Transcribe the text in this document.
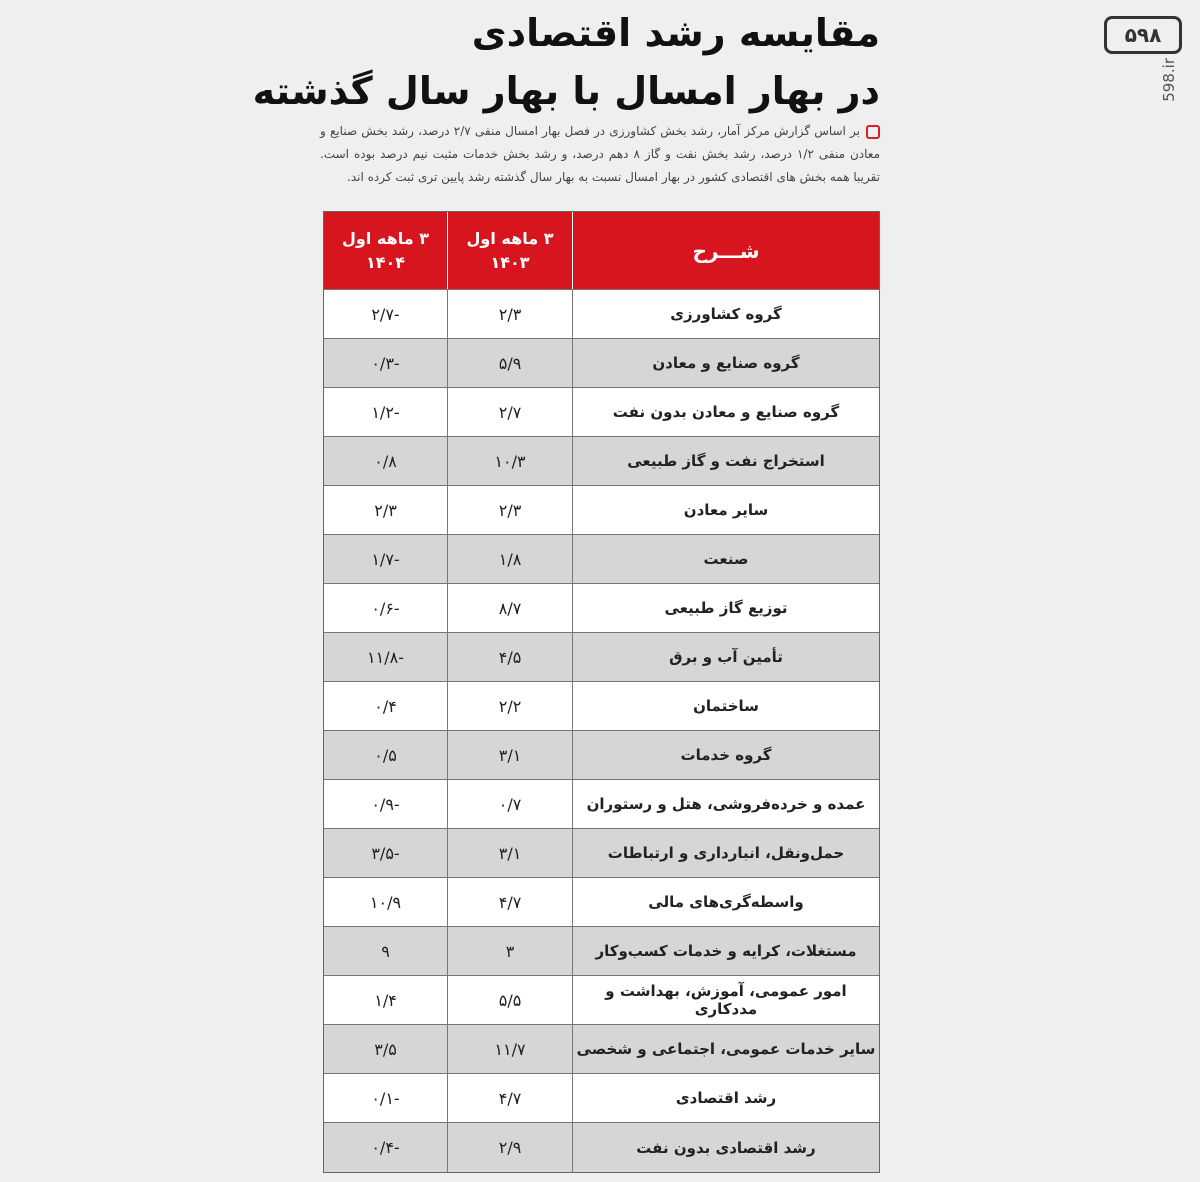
مقایسه رشد اقتصادی
در بهار امسال با بهار سال گذشته
۵۹۸
598.ir
بر اساس گزارش مرکز آمار، رشد بخش کشاورزی در فصل بهار امسال منفی ۲/۷ درصد، رشد بخش صنایع و معادن منفی ۱/۲ درصد، رشد بخش نفت و گاز ۸ دهم درصد، و رشد بخش خدمات مثبت نیم درصد بوده است. تقریبا همه بخش های اقتصادی کشور در بهار امسال نسبت به بهار سال گذشته رشد پایین تری ثبت کرده اند.
شـــرح
۳ ماهه اول
۱۴۰۳
۳ ماهه اول
۱۴۰۴
گروه کشاورزی
۲/۳
-۲/۷
گروه صنایع و معادن
۵/۹
-۰/۳
گروه صنایع و معادن بدون نفت
۲/۷
-۱/۲
استخراج نفت و گاز طبیعی
۱۰/۳
۰/۸
سایر معادن
۲/۳
۲/۳
صنعت
۱/۸
-۱/۷
توزیع گاز طبیعی
۸/۷
-۰/۶
تأمین آب و برق
۴/۵
-۱۱/۸
ساختمان
۲/۲
۰/۴
گروه خدمات
۳/۱
۰/۵
عمده و خرده‌فروشی، هتل و رستوران
۰/۷
-۰/۹
حمل‌ونقل، انبارداری و ارتباطات
۳/۱
-۳/۵
واسطه‌گری‌های مالی
۴/۷
۱۰/۹
مستغلات، کرایه و خدمات کسب‌وکار
۳
۹
امور عمومی، آموزش، بهداشت و مددکاری
۵/۵
۱/۴
سایر خدمات عمومی، اجتماعی و شخصی
۱۱/۷
۳/۵
رشد اقتصادی
۴/۷
-۰/۱
رشد اقتصادی بدون نفت
۲/۹
-۰/۴
